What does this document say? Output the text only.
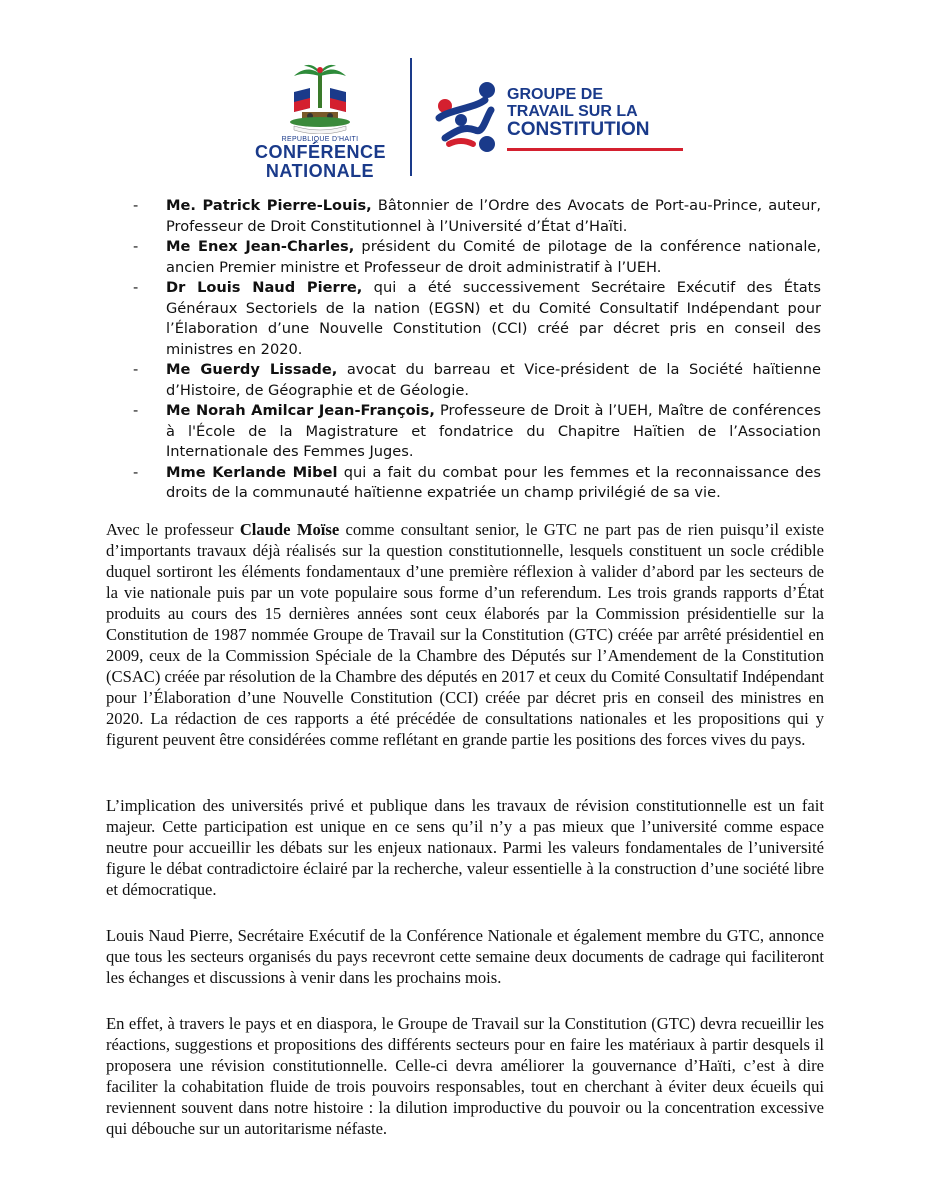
REPUBLIQUE D'HAITI
CONFÉRENCE
NATIONALE
GROUPE DE
TRAVAIL SUR LA
CONSTITUTION
- Me. Patrick Pierre-Louis, Bâtonnier de l’Ordre des Avocats de Port-au-Prince, auteur, Professeur de Droit Constitutionnel à l’Université d’État d’Haïti.
- Me Enex Jean-Charles, président du Comité de pilotage de la conférence nationale, ancien Premier ministre et Professeur de droit administratif à l’UEH.
- Dr Louis Naud Pierre, qui a été successivement Secrétaire Exécutif des États Généraux Sectoriels de la nation (EGSN) et du Comité Consultatif Indépendant pour l’Élaboration d’une Nouvelle Constitution (CCI) créé par décret pris en conseil des ministres en 2020.
- Me Guerdy Lissade, avocat du barreau et Vice-président de la Société haïtienne d’Histoire, de Géographie et de Géologie.
- Me Norah Amilcar Jean-François, Professeure de Droit à l’UEH, Maître de conférences à l'École de la Magistrature et fondatrice du Chapitre Haïtien de l’Association Internationale des Femmes Juges.
- Mme Kerlande Mibel qui a fait du combat pour les femmes et la reconnaissance des droits de la communauté haïtienne expatriée un champ privilégié de sa vie.
Avec le professeur Claude Moïse comme consultant senior, le GTC ne part pas de rien puisqu’il existe d’importants travaux déjà réalisés sur la question constitutionnelle, lesquels constituent un socle crédible duquel sortiront les éléments fondamentaux d’une première réflexion à valider d’abord par les secteurs de la vie nationale puis par un vote populaire sous forme d’un referendum. Les trois grands rapports d’État produits au cours des 15 dernières années sont ceux élaborés par la Commission présidentielle sur la Constitution de 1987 nommée Groupe de Travail sur la Constitution (GTC) créée par arrêté présidentiel en 2009, ceux de la Commission Spéciale de la Chambre des Députés sur l’Amendement de la Constitution (CSAC) créée par résolution de la Chambre des députés en 2017 et ceux du Comité Consultatif Indépendant pour l’Élaboration d’une Nouvelle Constitution (CCI) créée par décret pris en conseil des ministres en 2020. La rédaction de ces rapports a été précédée de consultations nationales et les propositions qui y figurent peuvent être considérées comme reflétant en grande partie les positions des forces vives du pays.
L’implication des universités privé et publique dans les travaux de révision constitutionnelle est un fait majeur. Cette participation est unique en ce sens qu’il n’y a pas mieux que l’université comme espace neutre pour accueillir les débats sur les enjeux nationaux. Parmi les valeurs fondamentales de l’université figure le débat contradictoire éclairé par la recherche, valeur essentielle à la construction d’une société libre et démocratique.
Louis Naud Pierre, Secrétaire Exécutif de la Conférence Nationale et également membre du GTC, annonce que tous les secteurs organisés du pays recevront cette semaine deux documents de cadrage qui faciliteront les échanges et discussions à venir dans les prochains mois.
En effet, à travers le pays et en diaspora, le Groupe de Travail sur la Constitution (GTC) devra recueillir les réactions, suggestions et propositions des différents secteurs pour en faire les matériaux à partir desquels il proposera une révision constitutionnelle. Celle-ci devra améliorer la gouvernance d’Haïti, c’est à dire faciliter la cohabitation fluide de trois pouvoirs responsables, tout en cherchant à éviter deux écueils qui reviennent souvent dans notre histoire : la dilution improductive du pouvoir ou la concentration excessive qui débouche sur un autoritarisme néfaste.
